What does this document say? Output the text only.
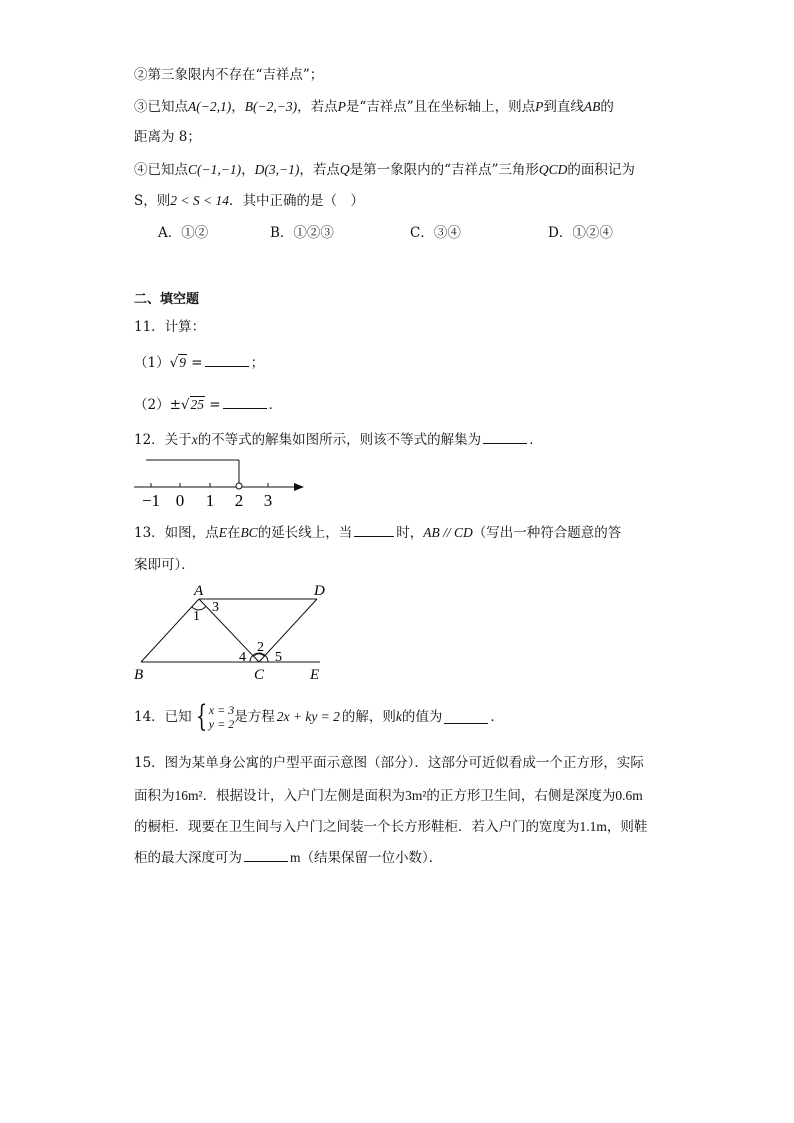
②第三象限内不存在“吉祥点”；
③已知点A(−2,1)，B(−2,−3)，若点P是“吉祥点”且在坐标轴上，则点P到直线AB的
距离为 8；
④已知点C(−1,−1)，D(3,−1)，若点Q是第一象限内的“吉祥点”三角形QCD的面积记为
S，则2 < S < 14．其中正确的是（　）
A．①②	B．①②③	C．③④	D．①②④
二、填空题
11．计算：
（1）√9 =	；
（2）±√25 =	．
12．关于x的不等式的解集如图所示，则该不等式的解集为	．
−1 0 1 2 3
13．如图，点E在BC的延长线上，当	时，AB // CD（写出一种符合题意的答
案即可）．
A	D
B	C	E
1
3
2
4 5
14．已知 { x = 3
y = 2 是方程 2x + ky = 2 的解，则 k 的值为	．
15．图为某单身公寓的户型平面示意图（部分）．这部分可近似看成一个正方形，实际
面积为16m²．根据设计，入户门左侧是面积为3m²的正方形卫生间，右侧是深度为0.6m
的橱柜．现要在卫生间与入户门之间装一个长方形鞋柜．若入户门的宽度为1.1m，则鞋
柜的最大深度可为	m（结果保留一位小数）．
